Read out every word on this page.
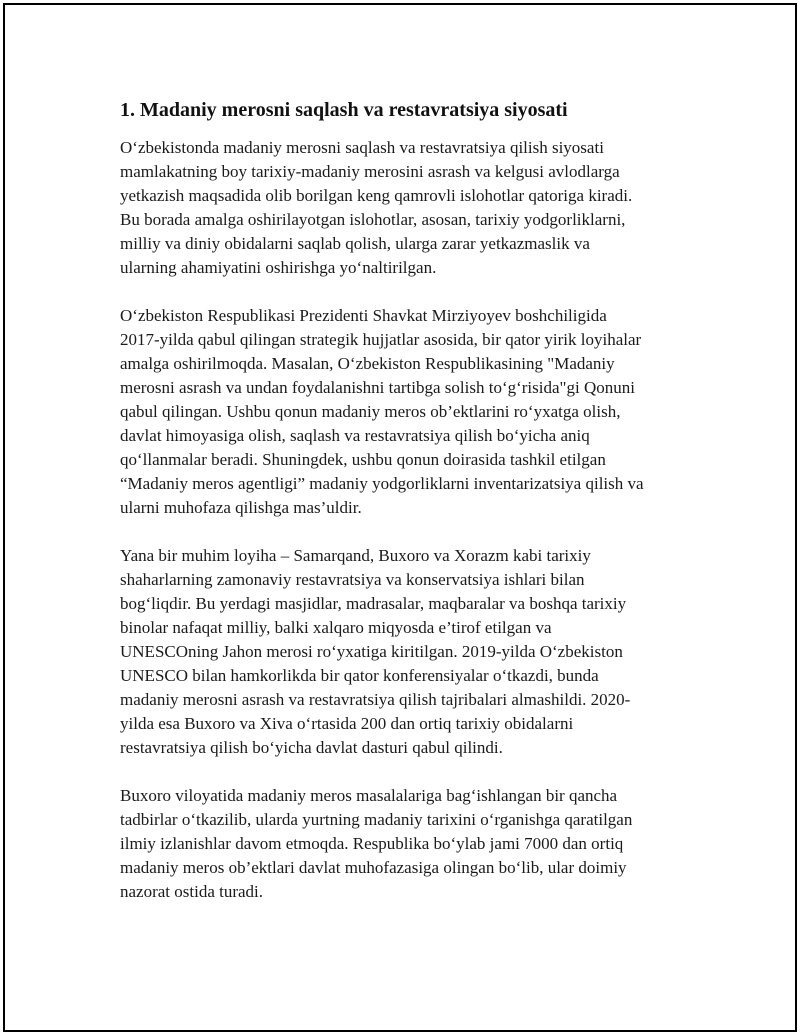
1. Madaniy merosni saqlash va restavratsiya siyosati
O‘zbekistonda madaniy merosni saqlash va restavratsiya qilish siyosati
mamlakatning boy tarixiy-madaniy merosini asrash va kelgusi avlodlarga
yetkazish maqsadida olib borilgan keng qamrovli islohotlar qatoriga kiradi.
Bu borada amalga oshirilayotgan islohotlar, asosan, tarixiy yodgorliklarni,
milliy va diniy obidalarni saqlab qolish, ularga zarar yetkazmaslik va
ularning ahamiyatini oshirishga yo‘naltirilgan.
O‘zbekiston Respublikasi Prezidenti Shavkat Mirziyoyev boshchiligida
2017-yilda qabul qilingan strategik hujjatlar asosida, bir qator yirik loyihalar
amalga oshirilmoqda. Masalan, O‘zbekiston Respublikasining "Madaniy
merosni asrash va undan foydalanishni tartibga solish to‘g‘risida"gi Qonuni
qabul qilingan. Ushbu qonun madaniy meros ob’ektlarini ro‘yxatga olish,
davlat himoyasiga olish, saqlash va restavratsiya qilish bo‘yicha aniq
qo‘llanmalar beradi. Shuningdek, ushbu qonun doirasida tashkil etilgan
“Madaniy meros agentligi” madaniy yodgorliklarni inventarizatsiya qilish va
ularni muhofaza qilishga mas’uldir.
Yana bir muhim loyiha – Samarqand, Buxoro va Xorazm kabi tarixiy
shaharlarning zamonaviy restavratsiya va konservatsiya ishlari bilan
bog‘liqdir. Bu yerdagi masjidlar, madrasalar, maqbaralar va boshqa tarixiy
binolar nafaqat milliy, balki xalqaro miqyosda e’tirof etilgan va
UNESCOning Jahon merosi ro‘yxatiga kiritilgan. 2019-yilda O‘zbekiston
UNESCO bilan hamkorlikda bir qator konferensiyalar o‘tkazdi, bunda
madaniy merosni asrash va restavratsiya qilish tajribalari almashildi. 2020-
yilda esa Buxoro va Xiva o‘rtasida 200 dan ortiq tarixiy obidalarni
restavratsiya qilish bo‘yicha davlat dasturi qabul qilindi.
Buxoro viloyatida madaniy meros masalalariga bag‘ishlangan bir qancha
tadbirlar o‘tkazilib, ularda yurtning madaniy tarixini o‘rganishga qaratilgan
ilmiy izlanishlar davom etmoqda. Respublika bo‘ylab jami 7000 dan ortiq
madaniy meros ob’ektlari davlat muhofazasiga olingan bo‘lib, ular doimiy
nazorat ostida turadi.
